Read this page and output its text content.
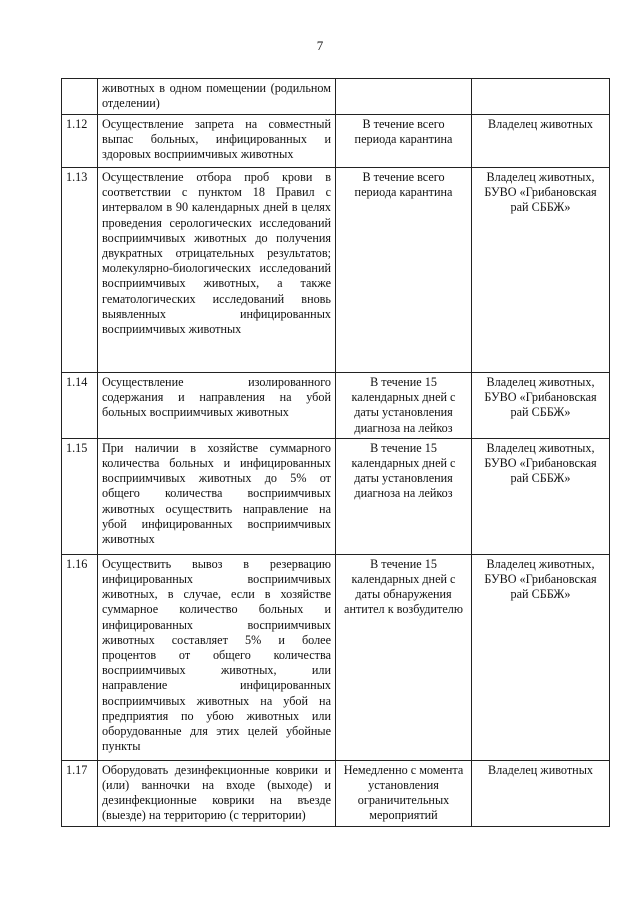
7
	животных в одном помещении (родильном отделении)		
1.12	Осуществление запрета на совместный выпас больных, инфицированных и здоровых восприимчивых животных	В течение всего периода карантина	Владелец животных
1.13	Осуществление отбора проб крови в соответствии с пунктом 18 Правил с интервалом в 90 календарных дней в целях проведения серологических исследований восприимчивых животных до получения двукратных отрицательных результатов; молекулярно-биологических исследований восприимчивых животных, а также гематологических исследований вновь выявленных инфицированных восприимчивых животных	В течение всего периода карантина	Владелец животных, БУВО «Грибановская рай СББЖ»
1.14	Осуществление изолированного содержания и направления на убой больных восприимчивых животных	В течение 15 календарных дней с даты установления диагноза на лейкоз	Владелец животных, БУВО «Грибановская рай СББЖ»
1.15	При наличии в хозяйстве суммарного количества больных и инфицированных восприимчивых животных до 5% от общего количества восприимчивых животных осуществить направление на убой инфицированных восприимчивых животных	В течение 15 календарных дней с даты установления диагноза на лейкоз	Владелец животных, БУВО «Грибановская рай СББЖ»
1.16	Осуществить вывоз в резервацию инфицированных восприимчивых животных, в случае, если в хозяйстве суммарное количество больных и инфицированных восприимчивых животных составляет 5% и более процентов от общего количества восприимчивых животных, или направление инфицированных восприимчивых животных на убой на предприятия по убою животных или оборудованные для этих целей убойные пункты	В течение 15 календарных дней с даты обнаружения антител к возбудителю	Владелец животных, БУВО «Грибановская рай СББЖ»
1.17	Оборудовать дезинфекционные коврики и (или) ванночки на входе (выходе) и дезинфекционные коврики на въезде (выезде) на территорию (с территории)	Немедленно с момента установления ограничительных мероприятий	Владелец животных
